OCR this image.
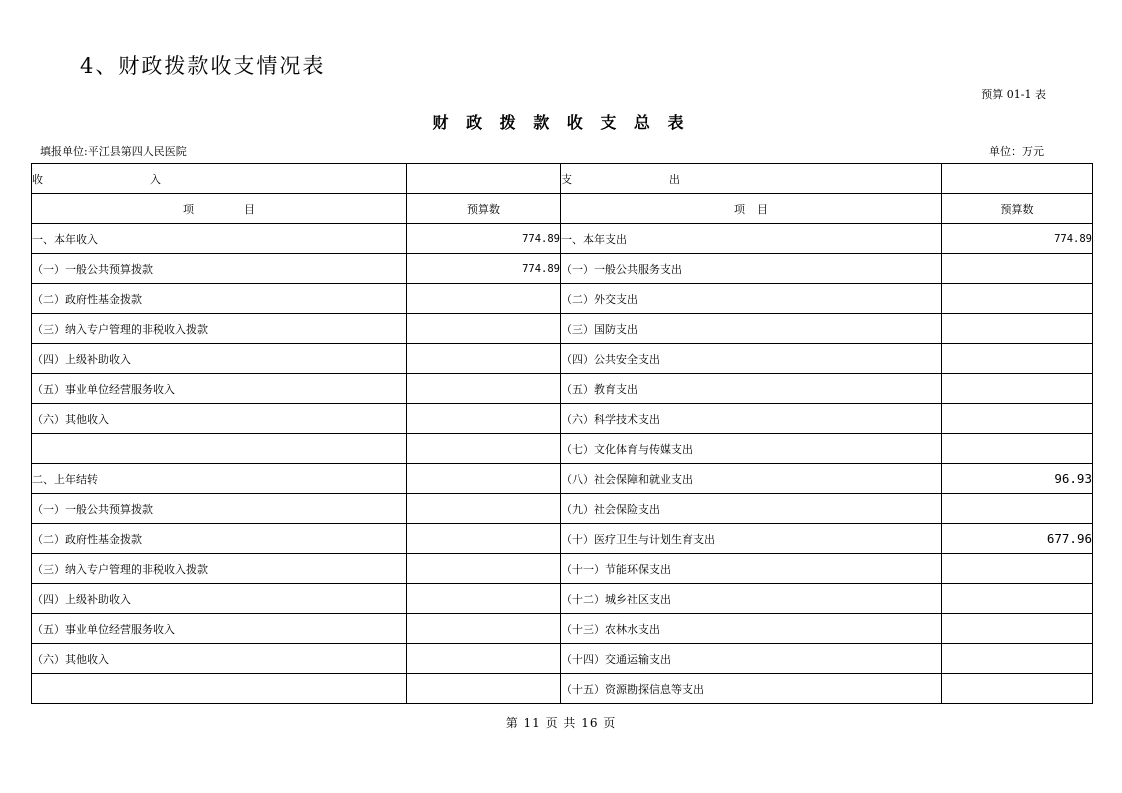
4、财政拨款收支情况表
预算 01-1 表
财 政 拨 款 收 支 总 表
填报单位:平江县第四人民医院	单位：万元
收 入		支 出	
项 目	预算数	项 目	预算数
一、本年收入	774.89	一、本年支出	774.89
（一）一般公共预算拨款	774.89	（一）一般公共服务支出	
（二）政府性基金拨款		（二）外交支出	
（三）纳入专户管理的非税收入拨款		（三）国防支出	
（四）上级补助收入		（四）公共安全支出	
（五）事业单位经营服务收入		（五）教育支出	
（六）其他收入		（六）科学技术支出	
		（七）文化体育与传媒支出	
二、上年结转		（八）社会保障和就业支出	96.93
（一）一般公共预算拨款		（九）社会保险支出	
（二）政府性基金拨款		（十）医疗卫生与计划生育支出	677.96
（三）纳入专户管理的非税收入拨款		（十一）节能环保支出	
（四）上级补助收入		（十二）城乡社区支出	
（五）事业单位经营服务收入		（十三）农林水支出	
（六）其他收入		（十四）交通运输支出	
		（十五）资源勘探信息等支出	
第 11 页 共 16 页
